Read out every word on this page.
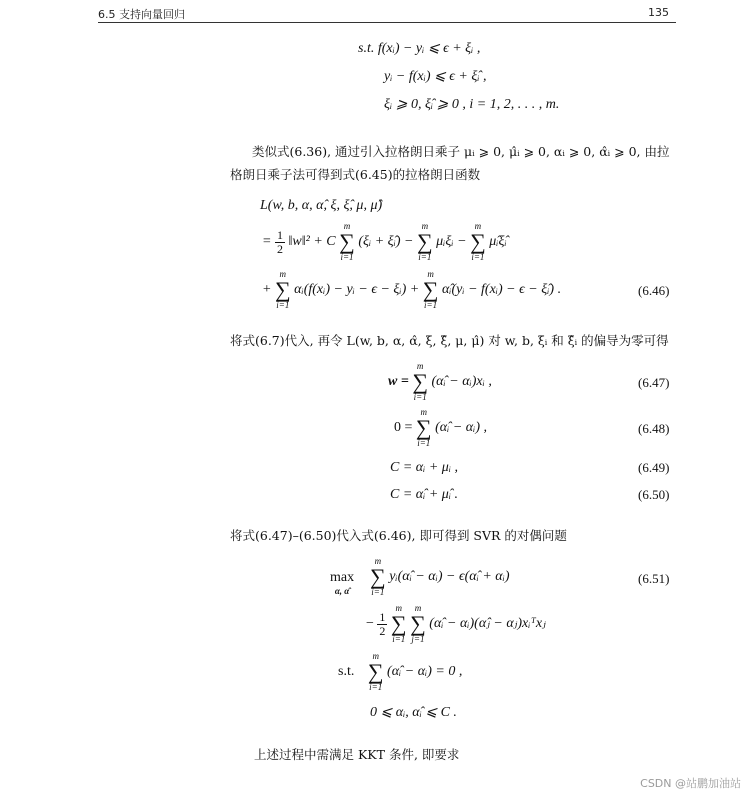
6.5 支持向量回归	135
s.t. f(xᵢ) − yᵢ ⩽ ϵ + ξᵢ ,
yᵢ − f(xᵢ) ⩽ ϵ + ξ̂ᵢ ,
ξᵢ ⩾ 0, ξ̂ᵢ ⩾ 0 , i = 1, 2, . . . , m.
类似式(6.36), 通过引入拉格朗日乘子 μᵢ ⩾ 0, μ̂ᵢ ⩾ 0, αᵢ ⩾ 0, α̂ᵢ ⩾ 0, 由拉
格朗日乘子法可得到式(6.45)的拉格朗日函数
L(w, b, α, α̂, ξ, ξ̂, μ, μ̂)
= $\frac{1}{2}$ ‖w‖² + C
m
∑
i=1
(ξᵢ + ξ̂ᵢ) −
m
∑
i=1
μᵢξᵢ −
m
∑
i=1
μ̂ᵢξ̂ᵢ
+
m
∑
i=1
αᵢ(f(xᵢ) − yᵢ − ϵ − ξᵢ) +
m
∑
i=1
α̂ᵢ(yᵢ − f(xᵢ) − ϵ − ξ̂ᵢ) .	(6.46)
将式(6.7)代入, 再令 L(w, b, α, α̂, ξ, ξ̂, μ, μ̂) 对 w, b, ξᵢ 和 ξ̂ᵢ 的偏导为零可得
w =
m
∑
i=1
(α̂ᵢ − αᵢ)xᵢ ,	(6.47)
0 =
m
∑
i=1
(α̂ᵢ − αᵢ) ,	(6.48)
C = αᵢ + μᵢ ,	(6.49)
C = α̂ᵢ + μ̂ᵢ .	(6.50)
将式(6.47)–(6.50)代入式(6.46), 即可得到 SVR 的对偶问题
max
α, α̂
m
∑
i=1
yᵢ(α̂ᵢ − αᵢ) − ϵ(α̂ᵢ + αᵢ)	(6.51)
− $\frac{1}{2}$

m
∑
i=1

m
∑
j=1
(α̂ᵢ − αᵢ)(α̂ⱼ − αⱼ)xᵢᵀxⱼ
s.t.
m
∑
i=1
(α̂ᵢ − αᵢ) = 0 ,
0 ⩽ αᵢ, α̂ᵢ ⩽ C .
上述过程中需满足 KKT 条件, 即要求
CSDN @站鹏加油站
